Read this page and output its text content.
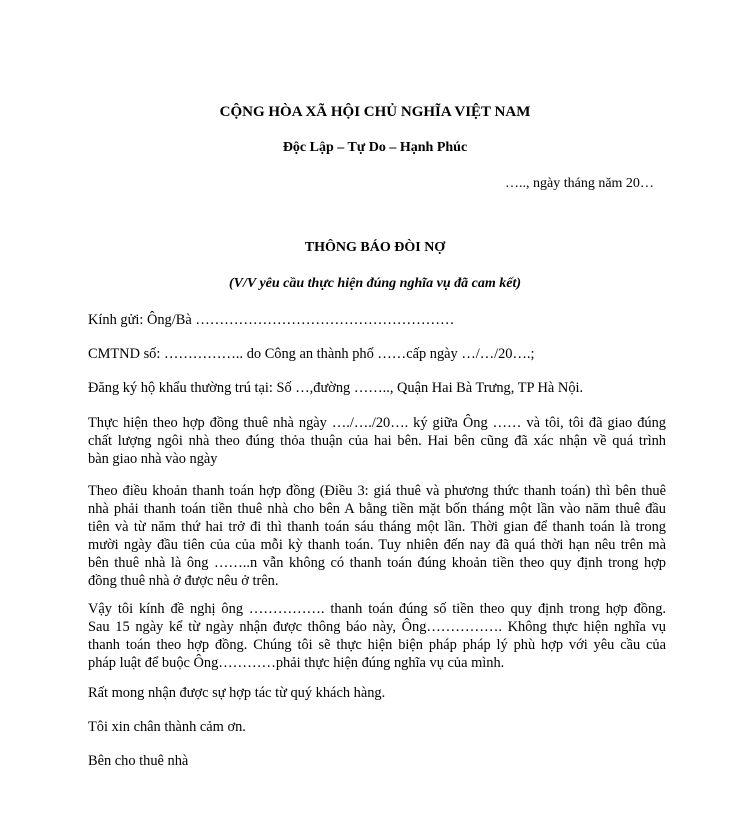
CỘNG HÒA XÃ HỘI CHỦ NGHĨA VIỆT NAM
Độc Lập – Tự Do – Hạnh Phúc
….., ngày tháng năm 20…
THÔNG BÁO ĐÒI NỢ
(V/V yêu cầu thực hiện đúng nghĩa vụ đã cam kết)
Kính gửi: Ông/Bà ………………………………………………
CMTND số: …………….. do Công an thành phố ……cấp ngày …/…/20….;
Đăng ký hộ khẩu thường trú tại: Số …,đường …….., Quận Hai Bà Trưng, TP Hà Nội.
Thực hiện theo hợp đồng thuê nhà ngày …./…./20…. ký giữa Ông …… và tôi, tôi đã giao đúng
chất lượng ngôi nhà theo đúng thỏa thuận của hai bên. Hai bên cũng đã xác nhận về quá trình
bàn giao nhà vào ngày
Theo điều khoản thanh toán hợp đồng (Điều 3: giá thuê và phương thức thanh toán) thì bên thuê
nhà phải thanh toán tiền thuê nhà cho bên A bằng tiền mặt bốn tháng một lần vào năm thuê đầu
tiên và từ năm thứ hai trở đi thì thanh toán sáu tháng một lần. Thời gian để thanh toán là trong
mười ngày đầu tiên của của mỗi kỳ thanh toán. Tuy nhiên đến nay đã quá thời hạn nêu trên mà
bên thuê nhà là ông ……..n vẫn không có thanh toán đúng khoản tiền theo quy định trong hợp
đồng thuê nhà ở được nêu ở trên.
Vậy tôi kính đề nghị ông ……………. thanh toán đúng số tiền theo quy định trong hợp đồng.
Sau 15 ngày kể từ ngày nhận được thông báo này, Ông……………. Không thực hiện nghĩa vụ
thanh toán theo hợp đồng. Chúng tôi sẽ thực hiện biện pháp pháp lý phù hợp với yêu cầu của
pháp luật để buộc Ông…………phải thực hiện đúng nghĩa vụ của mình.
Rất mong nhận được sự hợp tác từ quý khách hàng.
Tôi xin chân thành cảm ơn.
Bên cho thuê nhà
